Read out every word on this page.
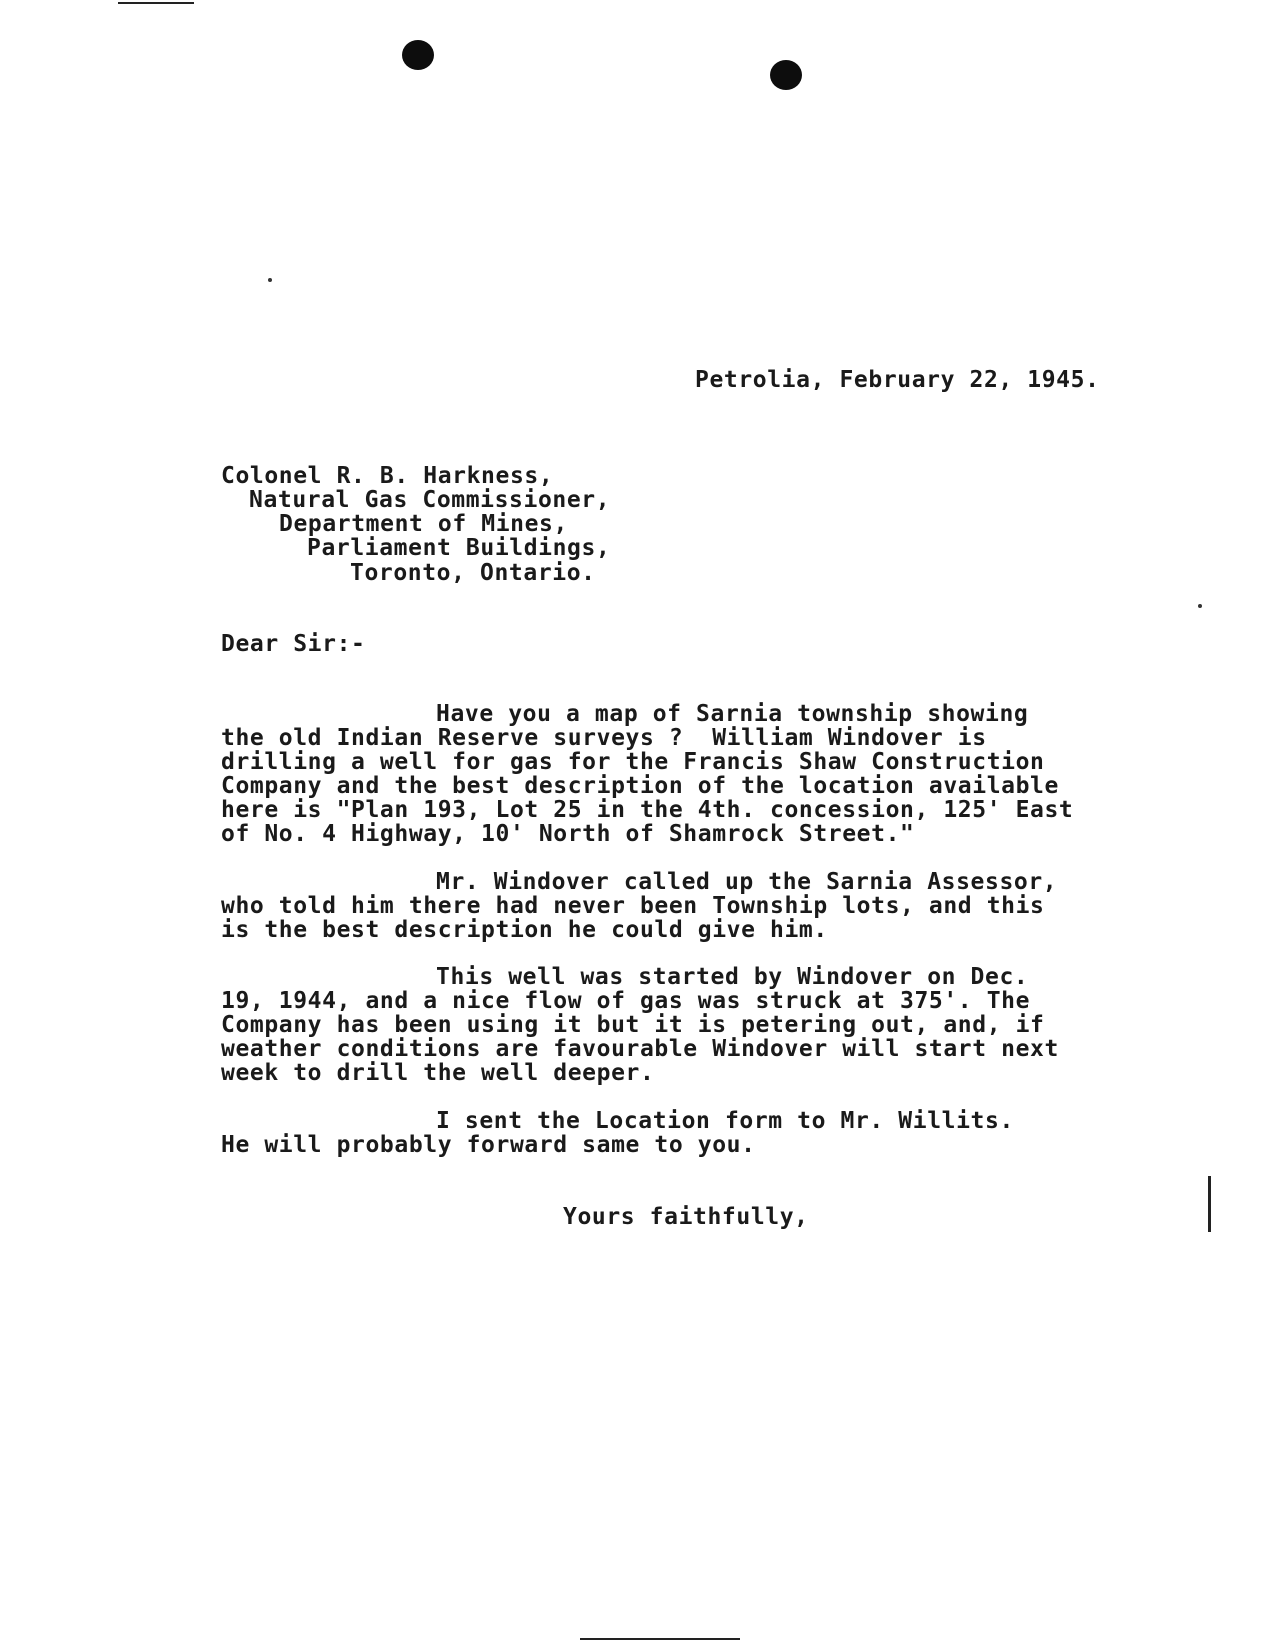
Petrolia, February 22, 1945.
Colonel R. B. Harkness,
Natural Gas Commissioner,
Department of Mines,
Parliament Buildings,
Toronto, Ontario.
Dear Sir:-
Have you a map of Sarnia township showing
the old Indian Reserve surveys ?  William Windover is
drilling a well for gas for the Francis Shaw Construction
Company and the best description of the location available
here is "Plan 193, Lot 25 in the 4th. concession, 125' East
of No. 4 Highway, 10' North of Shamrock Street."
Mr. Windover called up the Sarnia Assessor,
who told him there had never been Township lots, and this
is the best description he could give him.
This well was started by Windover on Dec.
19, 1944, and a nice flow of gas was struck at 375'. The
Company has been using it but it is petering out, and, if
weather conditions are favourable Windover will start next
week to drill the well deeper.
I sent the Location form to Mr. Willits.
He will probably forward same to you.
Yours faithfully,
